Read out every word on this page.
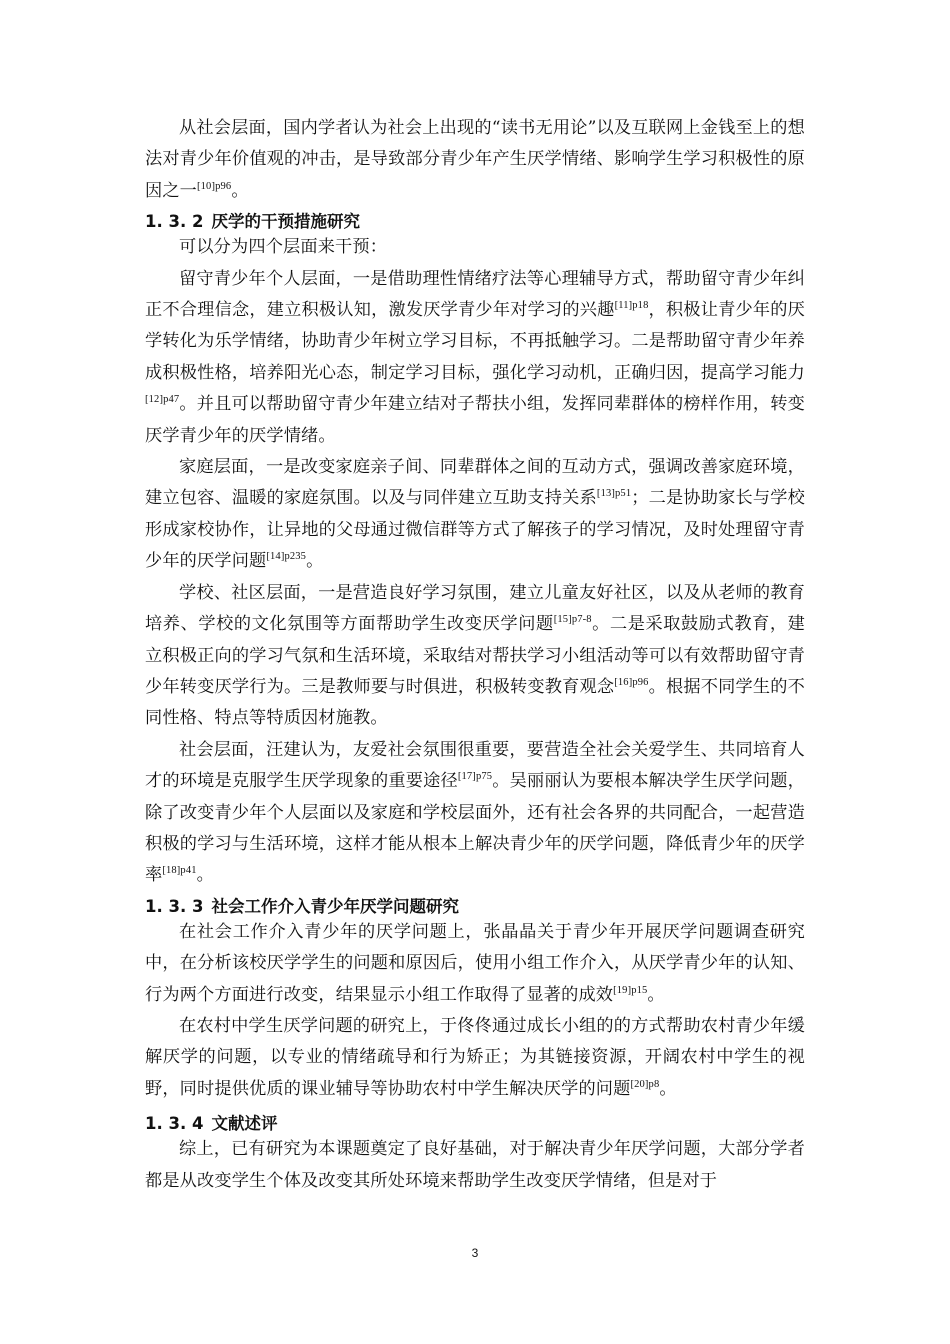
从社会层面，国内学者认为社会上出现的“读书无用论”以及互联网上金钱至上的想法对青少年价值观的冲击，是导致部分青少年产生厌学情绪、影响学生学习积极性的原因之一$^{[10]p96}$。

1. 3. 2 厌学的干预措施研究

可以分为四个层面来干预：

留守青少年个人层面，一是借助理性情绪疗法等心理辅导方式，帮助留守青少年纠正不合理信念，建立积极认知，激发厌学青少年对学习的兴趣$^{[11]p18}$，积极让青少年的厌学转化为乐学情绪，协助青少年树立学习目标，不再抵触学习。二是帮助留守青少年养成积极性格，培养阳光心态，制定学习目标，强化学习动机，正确归因，提高学习能力$^{[12]p47}$。并且可以帮助留守青少年建立结对子帮扶小组，发挥同辈群体的榜样作用，转变厌学青少年的厌学情绪。

家庭层面，一是改变家庭亲子间、同辈群体之间的互动方式，强调改善家庭环境，建立包容、温暖的家庭氛围。以及与同伴建立互助支持关系$^{[13]p51}$；二是协助家长与学校形成家校协作，让异地的父母通过微信群等方式了解孩子的学习情况，及时处理留守青少年的厌学问题$^{[14]p235}$。

学校、社区层面，一是营造良好学习氛围，建立儿童友好社区，以及从老师的教育培养、学校的文化氛围等方面帮助学生改变厌学问题$^{[15]p7-8}$。二是采取鼓励式教育，建立积极正向的学习气氛和生活环境，采取结对帮扶学习小组活动等可以有效帮助留守青少年转变厌学行为。三是教师要与时俱进，积极转变教育观念$^{[16]p96}$。根据不同学生的不同性格、特点等特质因材施教。

社会层面，汪建认为，友爱社会氛围很重要，要营造全社会关爱学生、共同培育人才的环境是克服学生厌学现象的重要途径$^{[17]p75}$。吴丽丽认为要根本解决学生厌学问题，除了改变青少年个人层面以及家庭和学校层面外，还有社会各界的共同配合，一起营造积极的学习与生活环境，这样才能从根本上解决青少年的厌学问题，降低青少年的厌学率$^{[18]p41}$。

1. 3. 3 社会工作介入青少年厌学问题研究

在社会工作介入青少年的厌学问题上，张晶晶关于青少年开展厌学问题调查研究中，在分析该校厌学学生的问题和原因后，使用小组工作介入，从厌学青少年的认知、行为两个方面进行改变，结果显示小组工作取得了显著的成效$^{[19]p15}$。

在农村中学生厌学问题的研究上，于佟佟通过成长小组的的方式帮助农村青少年缓解厌学的问题，以专业的情绪疏导和行为矫正；为其链接资源，开阔农村中学生的视野，同时提供优质的课业辅导等协助农村中学生解决厌学的问题$^{[20]p8}$。

1. 3. 4 文献述评

综上，已有研究为本课题奠定了良好基础，对于解决青少年厌学问题，大部分学者都是从改变学生个体及改变其所处环境来帮助学生改变厌学情绪，但是对于

3
